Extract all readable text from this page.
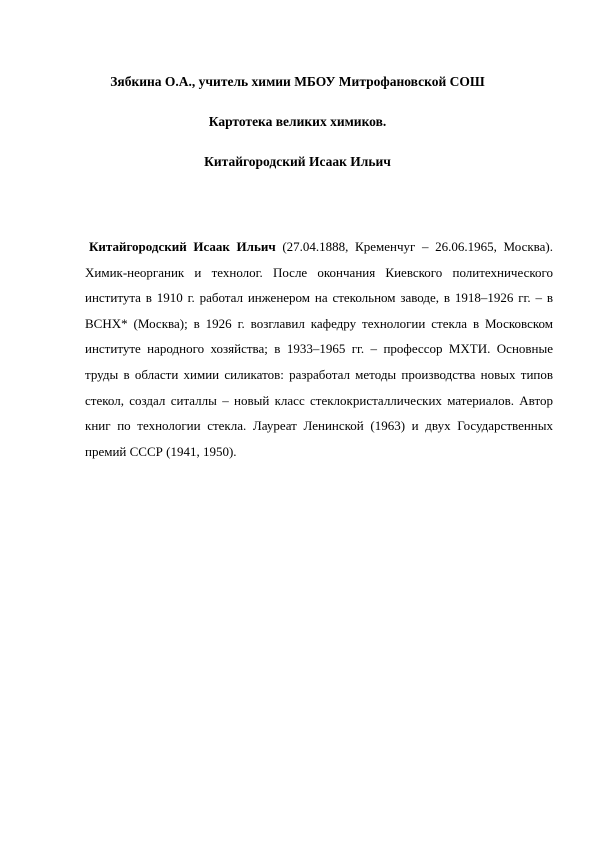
Зябкина О.А., учитель химии МБОУ Митрофановской СОШ

Картотека великих химиков.

Китайгородский Исаак Ильич

Китайгородский Исаак Ильич (27.04.1888, Кременчуг – 26.06.1965, Москва). Химик-неорганик и технолог. После окончания Киевского политехнического института в 1910 г. работал инженером на стекольном заводе, в 1918–1926 гг. – в ВСНХ* (Москва); в 1926 г. возглавил кафедру технологии стекла в Московском институте народного хозяйства; в 1933–1965 гг. – профессор МХТИ. Основные труды в области химии силикатов: разработал методы производства новых типов стекол, создал ситаллы – новый класс стеклокристаллических материалов. Автор книг по технологии стекла. Лауреат Ленинской (1963) и двух Государственных премий СССР (1941, 1950).
